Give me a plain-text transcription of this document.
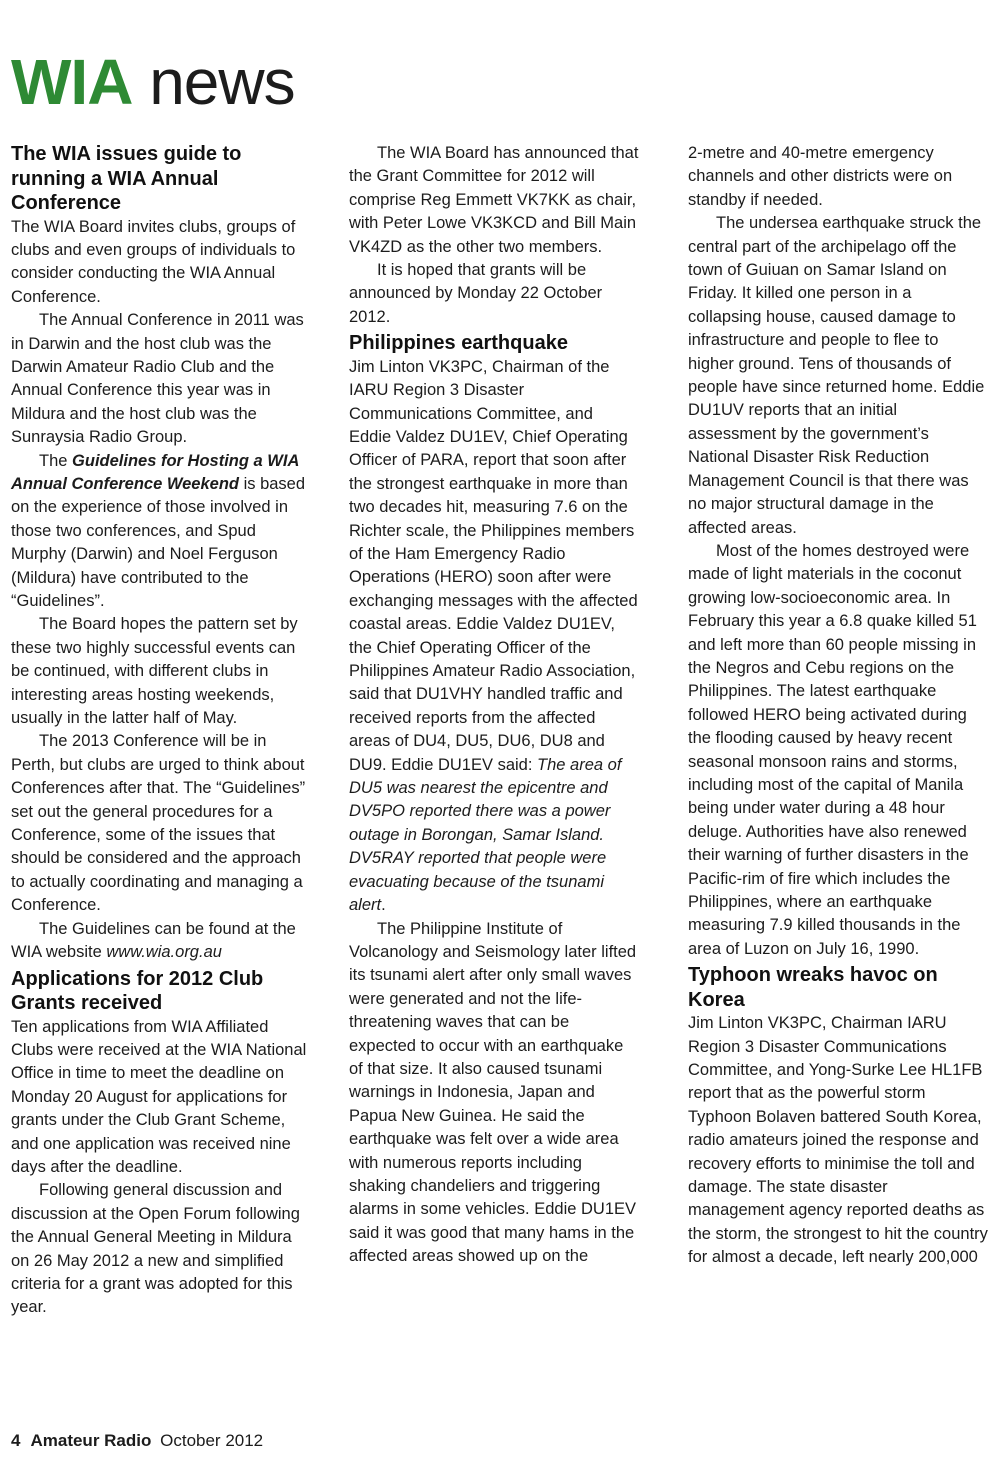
WIA news
The WIA issues guide to running a WIA Annual Conference

The WIA Board invites clubs, groups of clubs and even groups of individuals to consider conducting the WIA Annual Conference.

The Annual Conference in 2011 was in Darwin and the host club was the Darwin Amateur Radio Club and the Annual Conference this year was in Mildura and the host club was the Sunraysia Radio Group.

The Guidelines for Hosting a WIA Annual Conference Weekend is based on the experience of those involved in those two conferences, and Spud Murphy (Darwin) and Noel Ferguson (Mildura) have contributed to the “Guidelines”.

The Board hopes the pattern set by these two highly successful events can be continued, with different clubs in interesting areas hosting weekends, usually in the latter half of May.

The 2013 Conference will be in Perth, but clubs are urged to think about Conferences after that. The “Guidelines” set out the general procedures for a Conference, some of the issues that should be considered and the approach to actually coordinating and managing a Conference.

The Guidelines can be found at the WIA website www.wia.org.au

Applications for 2012 Club Grants received

Ten applications from WIA Affiliated Clubs were received at the WIA National Office in time to meet the deadline on Monday 20 August for applications for grants under the Club Grant Scheme, and one application was received nine days after the deadline.

Following general discussion and discussion at the Open Forum following the Annual General Meeting in Mildura on 26 May 2012 a new and simplified criteria for a grant was adopted for this year.

The WIA Board has announced that the Grant Committee for 2012 will comprise Reg Emmett VK7KK as chair, with Peter Lowe VK3KCD and Bill Main VK4ZD as the other two members.

It is hoped that grants will be announced by Monday 22 October 2012.

Philippines earthquake

Jim Linton VK3PC, Chairman of the IARU Region 3 Disaster Communications Committee, and Eddie Valdez DU1EV, Chief Operating Officer of PARA, report that soon after the strongest earthquake in more than two decades hit, measuring 7.6 on the Richter scale, the Philippines members of the Ham Emergency Radio Operations (HERO) soon after were exchanging messages with the affected coastal areas. Eddie Valdez DU1EV, the Chief Operating Officer of the Philippines Amateur Radio Association, said that DU1VHY handled traffic and received reports from the affected areas of DU4, DU5, DU6, DU8 and DU9. Eddie DU1EV said: The area of DU5 was nearest the epicentre and DV5PO reported there was a power outage in Borongan, Samar Island. DV5RAY reported that people were evacuating because of the tsunami alert.

The Philippine Institute of Volcanology and Seismology later lifted its tsunami alert after only small waves were generated and not the life-threatening waves that can be expected to occur with an earthquake of that size. It also caused tsunami warnings in Indonesia, Japan and Papua New Guinea. He said the earthquake was felt over a wide area with numerous reports including shaking chandeliers and triggering alarms in some vehicles. Eddie DU1EV said it was good that many hams in the affected areas showed up on the

2-metre and 40-metre emergency channels and other districts were on standby if needed.

The undersea earthquake struck the central part of the archipelago off the town of Guiuan on Samar Island on Friday. It killed one person in a collapsing house, caused damage to infrastructure and people to flee to higher ground. Tens of thousands of people have since returned home. Eddie DU1UV reports that an initial assessment by the government’s National Disaster Risk Reduction Management Council is that there was no major structural damage in the affected areas.

Most of the homes destroyed were made of light materials in the coconut growing low-socioeconomic area. In February this year a 6.8 quake killed 51 and left more than 60 people missing in the Negros and Cebu regions on the Philippines. The latest earthquake followed HERO being activated during the flooding caused by heavy recent seasonal monsoon rains and storms, including most of the capital of Manila being under water during a 48 hour deluge. Authorities have also renewed their warning of further disasters in the Pacific-rim of fire which includes the Philippines, where an earthquake measuring 7.9 killed thousands in the area of Luzon on July 16, 1990.

Typhoon wreaks havoc on Korea

Jim Linton VK3PC, Chairman IARU Region 3 Disaster Communications Committee, and Yong-Surke Lee HL1FB report that as the powerful storm Typhoon Bolaven battered South Korea, radio amateurs joined the response and recovery efforts to minimise the toll and damage. The state disaster management agency reported deaths as the storm, the strongest to hit the country for almost a decade, left nearly 200,000

4 Amateur Radio October 2012
